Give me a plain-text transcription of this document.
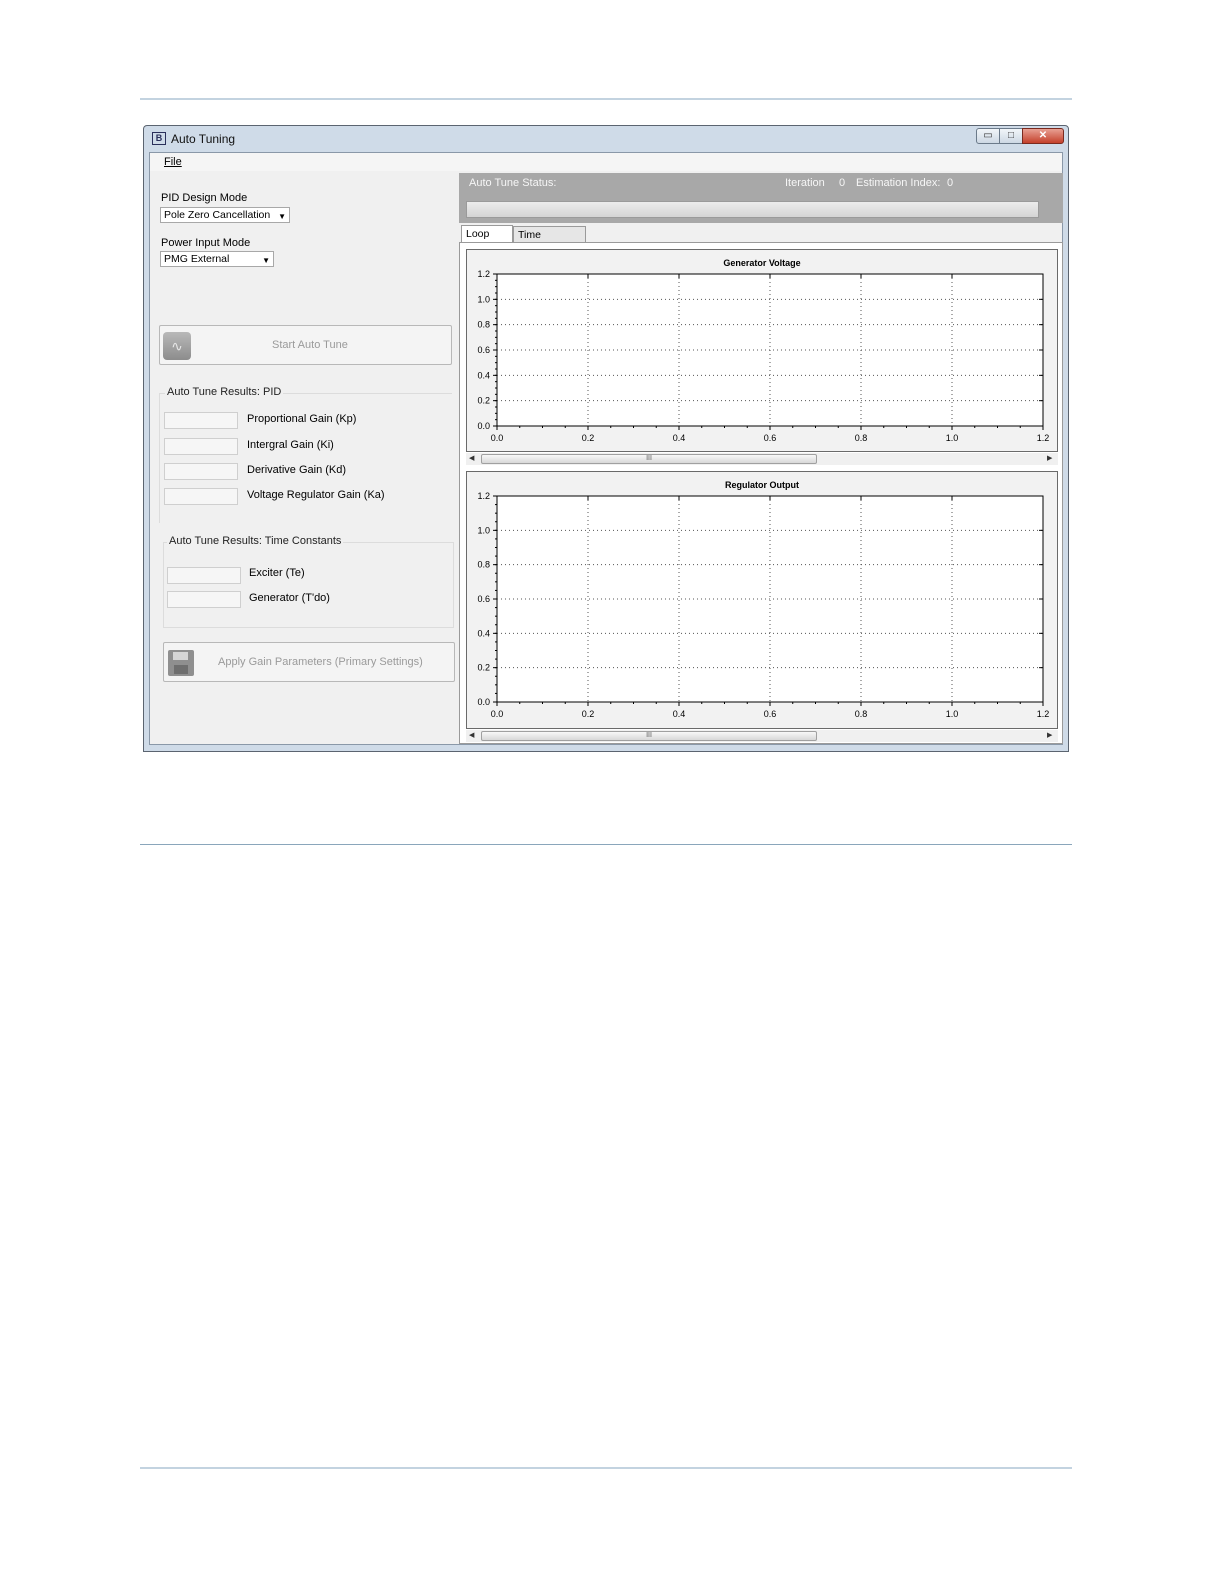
B Auto Tuning	▭	□	✕
File
PID Design Mode
Pole Zero Cancellation ▼
Power Input Mode
PMG External	▼
∿	Start Auto Tune
Auto Tune Results: PID
Proportional Gain (Kp)
Intergral Gain (Ki)
Derivative Gain (Kd)
Voltage Regulator Gain (Ka)
Auto Tune Results: Time Constants
Exciter (Te)
Generator (T'do)
Apply Gain Parameters (Primary Settings)
Auto Tune Status:	Iteration 0 Estimation Index: 0
Loop	Time
Generator Voltage
0.0	0.2	0.4	0.6	0.8	1.0	1.2
0.0
0.2
0.4
0.6
0.8
1.0
1.2
◀	III	▶
Regulator Output
0.0	0.2	0.4	0.6	0.8	1.0	1.2
0.0
0.2
0.4
0.6
0.8
1.0
1.2
◀	III	▶
